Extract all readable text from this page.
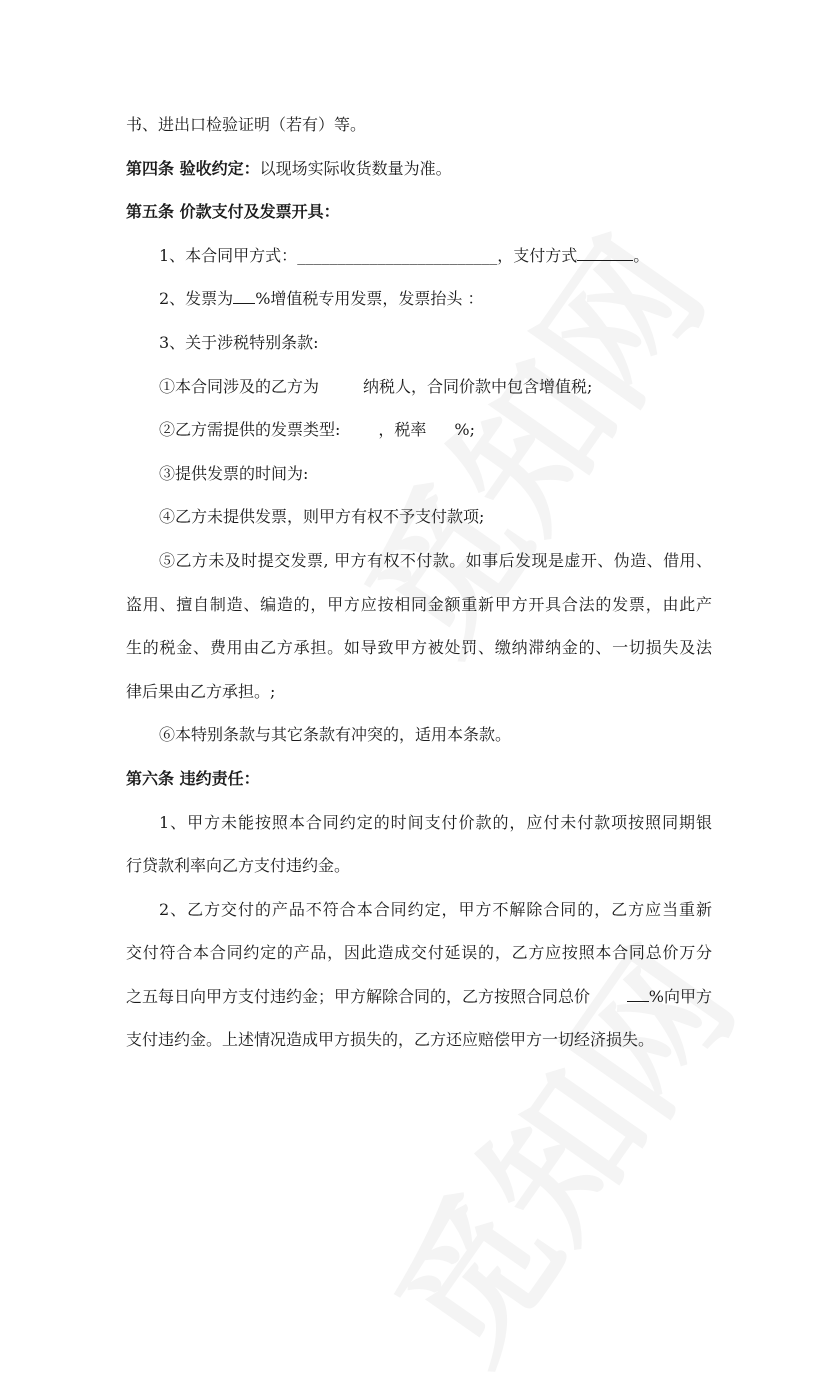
书、进出口检验证明（若有）等。
第四条 验收约定：以现场实际收货数量为准。
第五条 价款支付及发票开具：
1、本合同甲方式：_________________________，支付方式	。
2、发票为 %增值税专用发票，发票抬头 ：
3、关于涉税特别条款:
①本合同涉及的乙方为	纳税人，合同价款中包含增值税;
②乙方需提供的发票类型: ，税率 %;
③提供发票的时间为:
④乙方未提供发票，则甲方有权不予支付款项;
⑤乙方未及时提交发票, 甲方有权不付款。如事后发现是虚开、伪造、借用、
盗用、擅自制造、编造的，甲方应按相同金额重新甲方开具合法的发票，由此产
生的税金、费用由乙方承担。如导致甲方被处罚、缴纳滞纳金的、一切损失及法
律后果由乙方承担。;
⑥本特别条款与其它条款有冲突的，适用本条款。
第六条 违约责任：
1、甲方未能按照本合同约定的时间支付价款的，应付未付款项按照同期银
行贷款利率向乙方支付违约金。
2、乙方交付的产品不符合本合同约定，甲方不解除合同的，乙方应当重新
交付符合本合同约定的产品，因此造成交付延误的，乙方应按照本合同总价万分
之五每日向甲方支付违约金；甲方解除合同的，乙方按照合同总价	%向甲方
支付违约金。上述情况造成甲方损失的，乙方还应赔偿甲方一切经济损失。
